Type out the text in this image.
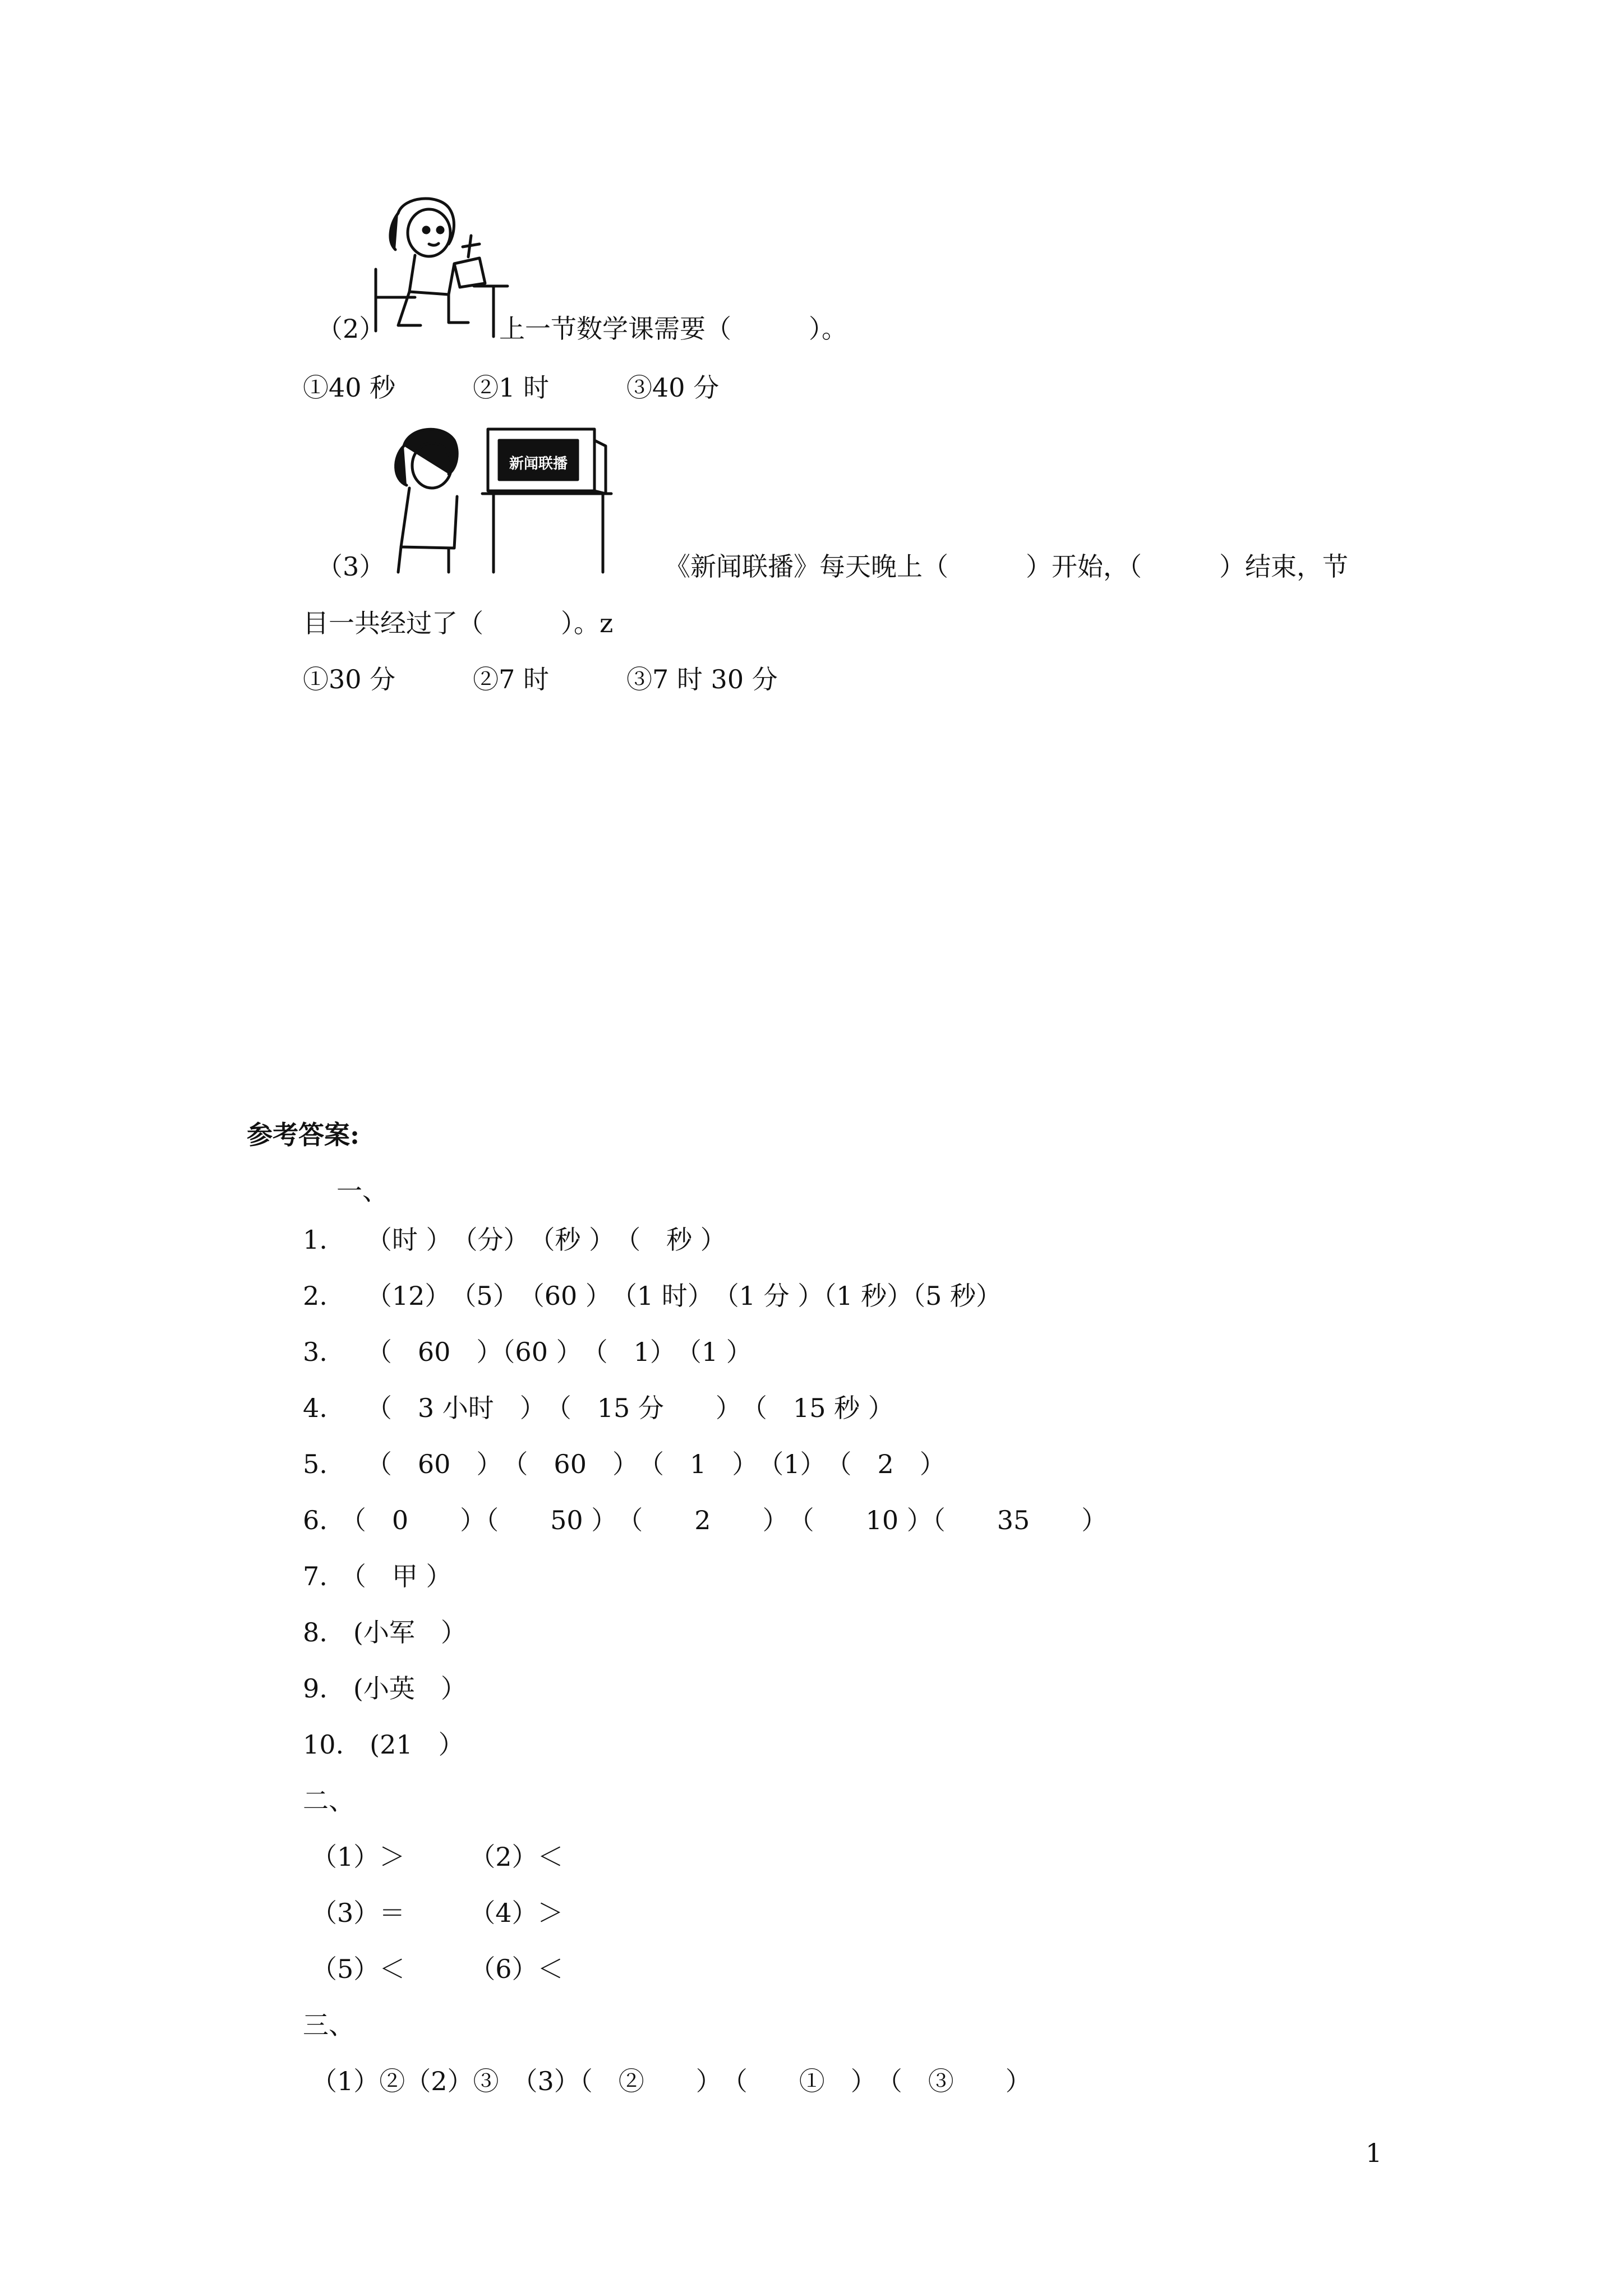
（2）	上一节数学课需要（　　　）。
①40 秒　　　②1 时　　　③40 分
新闻联播
（3）	《新闻联播》每天晚上（　　　）开始，（　　　）结束，节
目一共经过了（　　　）。z
①30 分　　　②7 时　　　③7 时 30 分
参考答案:
一、
1.　　（时 ）　（分）　（秒 ）　（　秒 ）
2.　　（12）　（5）　（60 ）　（1 时）　（1 分 ）（1 秒）（5 秒）
3.　　（　60　）（60 ）　（　1）　（1 ）
4.　　（　3 小时　）　（　15 分　　）　（　15 秒 ）
5.　　（　60　）　（　60　）　（　1　）　（1）　（　2　）
6.　（　0　　）（　　50 ）　（　　2　　）　（　　10 ）（　　35　　）
7.　（　甲 ）
8.　(小军　）
9.　(小英　）
10.　(21　）
二、
（1）＞　　　（2）＜
（3）＝　　　（4）＞
（5）＜　　　（6）＜
三、
（1）②（2）③　（3）（　②　　）　（　　①　）　（　③　　）
1
